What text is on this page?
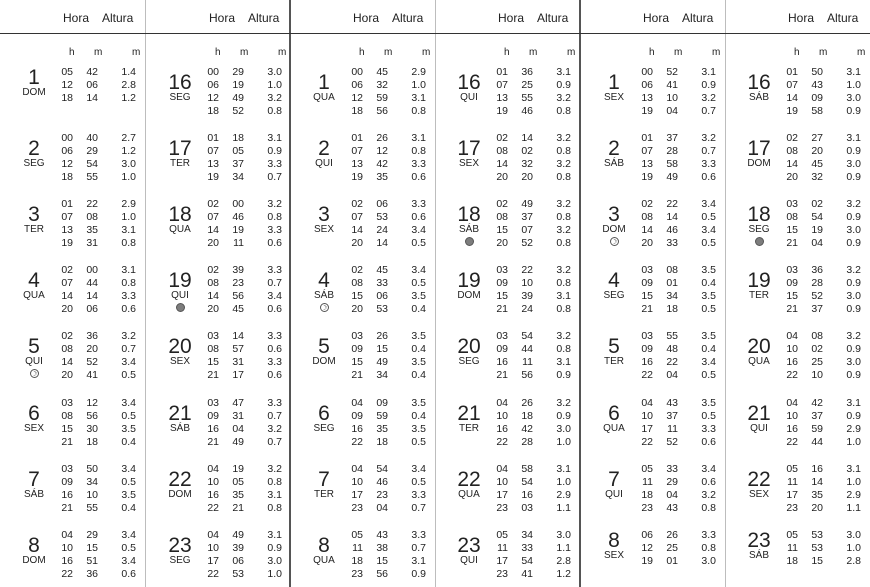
Hora Altura
h m	m
1
DOM
05	42	1.4
12	06	2.8
18	14	1.2
2
SEG
00	40	2.7
06	29	1.2
12	54	3.0
18	55	1.0
3
TER
01	22	2.9
07	08	1.0
13	35	3.1
19	31	0.8
4
QUA
02	00	3.1
07	44	0.8
14	14	3.3
20	06	0.6
5
QUI
☽
02	36	3.2
08	20	0.7
14	52	3.4
20	41	0.5
6
SEX
03	12	3.4
08	56	0.5
15	30	3.5
21	18	0.4
7
SÁB
03	50	3.4
09	34	0.5
16	10	3.5
21	55	0.4
8
DOM
04	29	3.4
10	15	0.5
16	51	3.4
22	36	0.6
Hora Altura
h m	m
16
SEG
00	29	3.0
06	19	1.0
12	49	3.2
18	52	0.8
17
TER
01	18	3.1
07	05	0.9
13	37	3.3
19	34	0.7
18
QUA
02	00	3.2
07	46	0.8
14	19	3.3
20	11	0.6
19
QUI
02	39	3.3
08	23	0.7
14	56	3.4
20	45	0.6
20
SEX
03	14	3.3
08	57	0.6
15	31	3.3
21	17	0.6
21
SÁB
03	47	3.3
09	31	0.7
16	04	3.2
21	49	0.7
22
DOM
04	19	3.2
10	05	0.8
16	35	3.1
22	21	0.8
23
SEG
04	49	3.1
10	39	0.9
17	06	3.0
22	53	1.0
Hora Altura
h m	m
1
QUA
00	45	2.9
06	32	1.0
12	59	3.1
18	56	0.8
2
QUI
01	26	3.1
07	12	0.8
13	42	3.3
19	35	0.6
3
SEX
02	06	3.3
07	53	0.6
14	24	3.4
20	14	0.5
4
SÁB
☽
02	45	3.4
08	33	0.5
15	06	3.5
20	53	0.4
5
DOM
03	26	3.5
09	15	0.4
15	49	3.5
21	34	0.4
6
SEG
04	09	3.5
09	59	0.4
16	35	3.5
22	18	0.5
7
TER
04	54	3.4
10	46	0.5
17	23	3.3
23	04	0.7
8
QUA
05	43	3.3
11	38	0.7
18	15	3.1
23	56	0.9
Hora Altura
h m	m
16
QUI
01	36	3.1
07	25	0.9
13	55	3.2
19	46	0.8
17
SEX
02	14	3.2
08	02	0.8
14	32	3.2
20	20	0.8
18
SÁB
02	49	3.2
08	37	0.8
15	07	3.2
20	52	0.8
19
DOM
03	22	3.2
09	10	0.8
15	39	3.1
21	24	0.8
20
SEG
03	54	3.2
09	44	0.8
16	11	3.1
21	56	0.9
21
TER
04	26	3.2
10	18	0.9
16	42	3.0
22	28	1.0
22
QUA
04	58	3.1
10	54	1.0
17	16	2.9
23	03	1.1
23
QUI
05	34	3.0
11	33	1.1
17	54	2.8
23	41	1.2
Hora Altura
h m	m
1
SEX
00	52	3.1
06	41	0.9
13	10	3.2
19	04	0.7
2
SÁB
01	37	3.2
07	28	0.7
13	58	3.3
19	49	0.6
3
DOM
☽
02	22	3.4
08	14	0.5
14	46	3.4
20	33	0.5
4
SEG
03	08	3.5
09	01	0.4
15	34	3.5
21	18	0.5
5
TER
03	55	3.5
09	48	0.4
16	22	3.4
22	04	0.5
6
QUA
04	43	3.5
10	37	0.5
17	11	3.3
22	52	0.6
7
QUI
05	33	3.4
11	29	0.6
18	04	3.2
23	43	0.8
8
SEX
06	26	3.3
12	25	0.8
19	01	3.0
Hora Altura
h m	m
16
SÁB
01	50	3.1
07	43	1.0
14	09	3.0
19	58	0.9
17
DOM
02	27	3.1
08	20	0.9
14	45	3.0
20	32	0.9
18
SEG
03	02	3.2
08	54	0.9
15	19	3.0
21	04	0.9
19
TER
03	36	3.2
09	28	0.9
15	52	3.0
21	37	0.9
20
QUA
04	08	3.2
10	02	0.9
16	25	3.0
22	10	0.9
21
QUI
04	42	3.1
10	37	0.9
16	59	2.9
22	44	1.0
22
SEX
05	16	3.1
11	14	1.0
17	35	2.9
23	20	1.1
23
SÁB
05	53	3.0
11	53	1.0
18	15	2.8
